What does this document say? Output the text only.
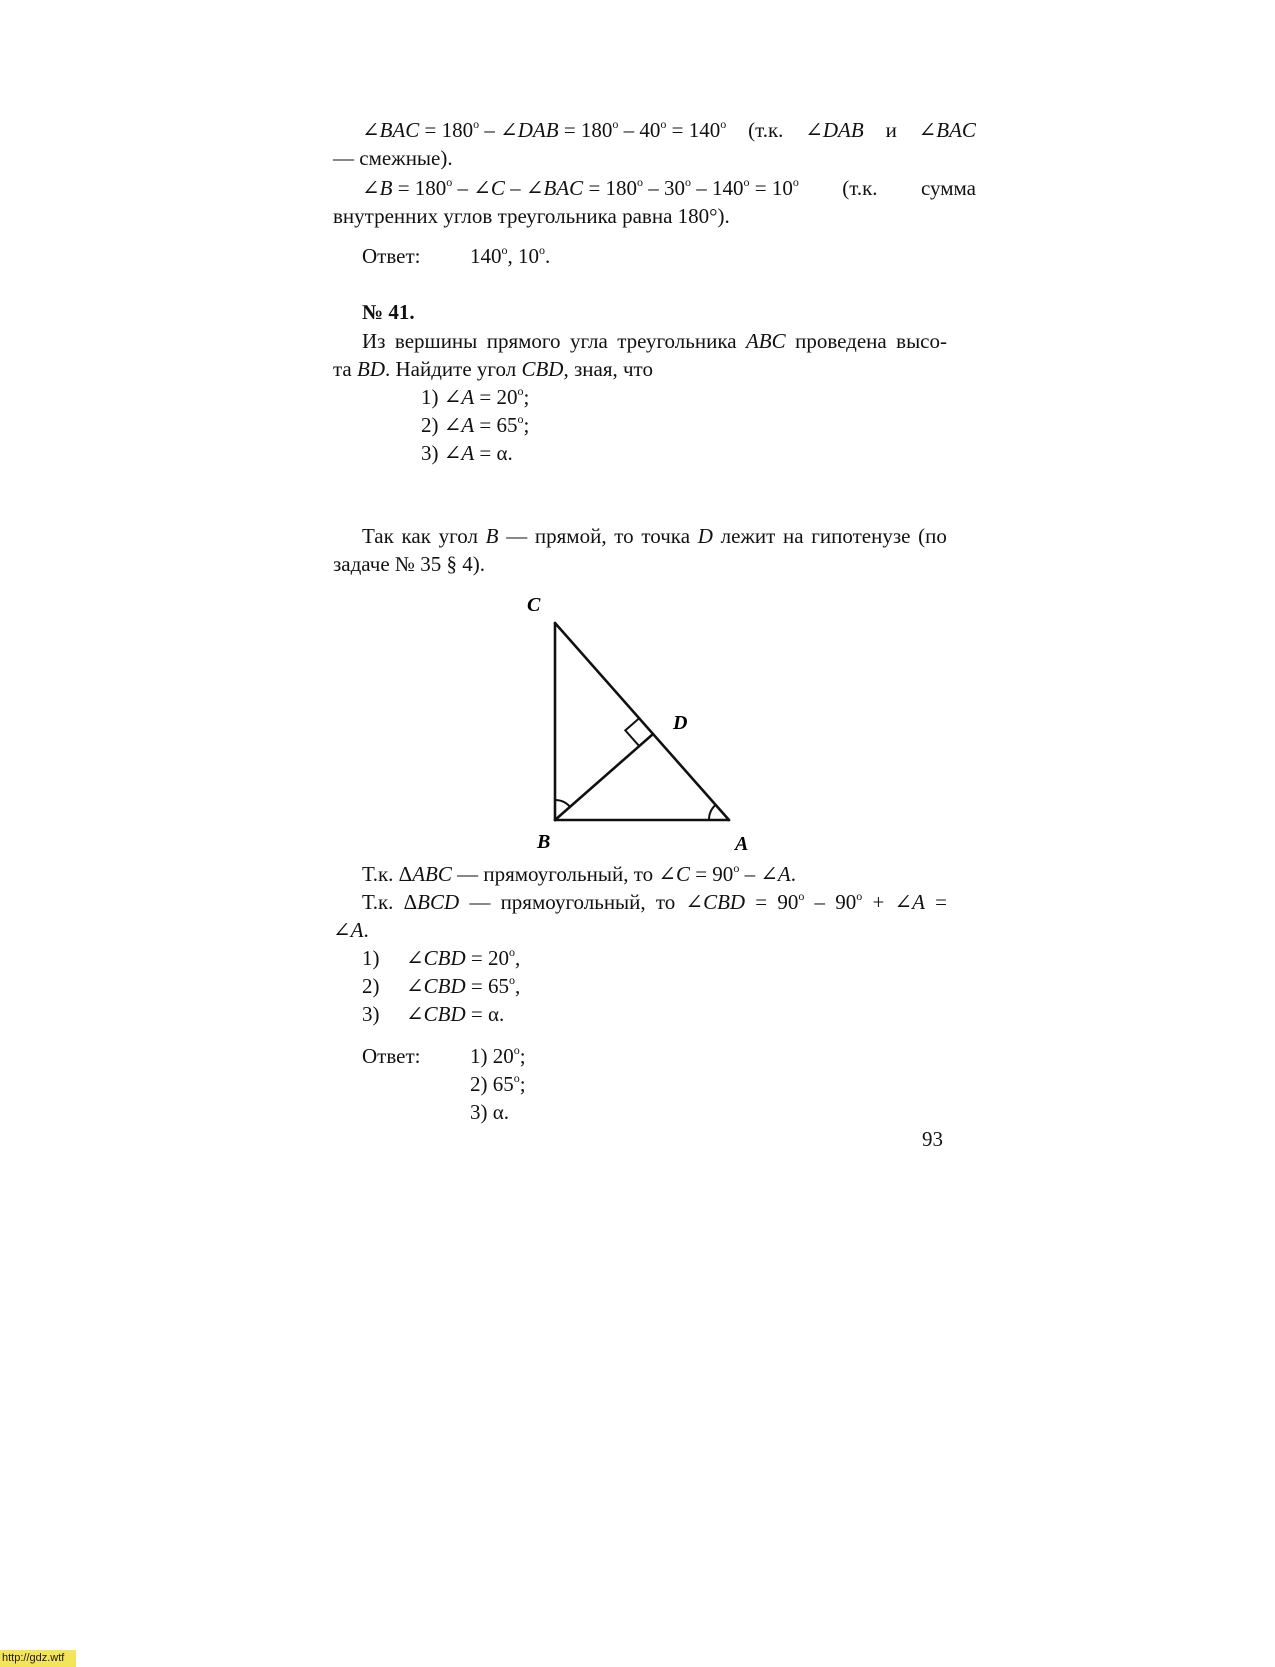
∠BAC = $180^o$ – ∠DAB = $180^o - 40^o = 140^o$ (т.к. ∠DAB и ∠BAC
— смежные).
∠B = $180^o$ – ∠C – ∠BAC = $180^o - 30^o - 140^o = 10^o$ (т.к. сумма
внутренних углов треугольника равна 180°).
Ответ: 140$^o$, 10$^o$.
№ 41.
Из вершины прямого угла треугольника ABC проведена высо-
та BD. Найдите угол CBD, зная, что
1) ∠A = $20^o$;
2) ∠A = $65^o$;
3) ∠A = α.
Так как угол B — прямой, то точка D лежит на гипотенузе (по
задаче № 35 § 4).
C
D
B	A
Т.к. ΔABC — прямоугольный, то ∠C = $90^o$ – ∠A.
Т.к. ΔBCD — прямоугольный, то ∠CBD = $90^o - 90^o$ + ∠A =
∠A.
1) ∠CBD = $20^o$,
2) ∠CBD = $65^o$,
3) ∠CBD = α.
Ответ: 1) 20$^o$;
2) 65$^o$;
3) α.
93
http://gdz.wtf
